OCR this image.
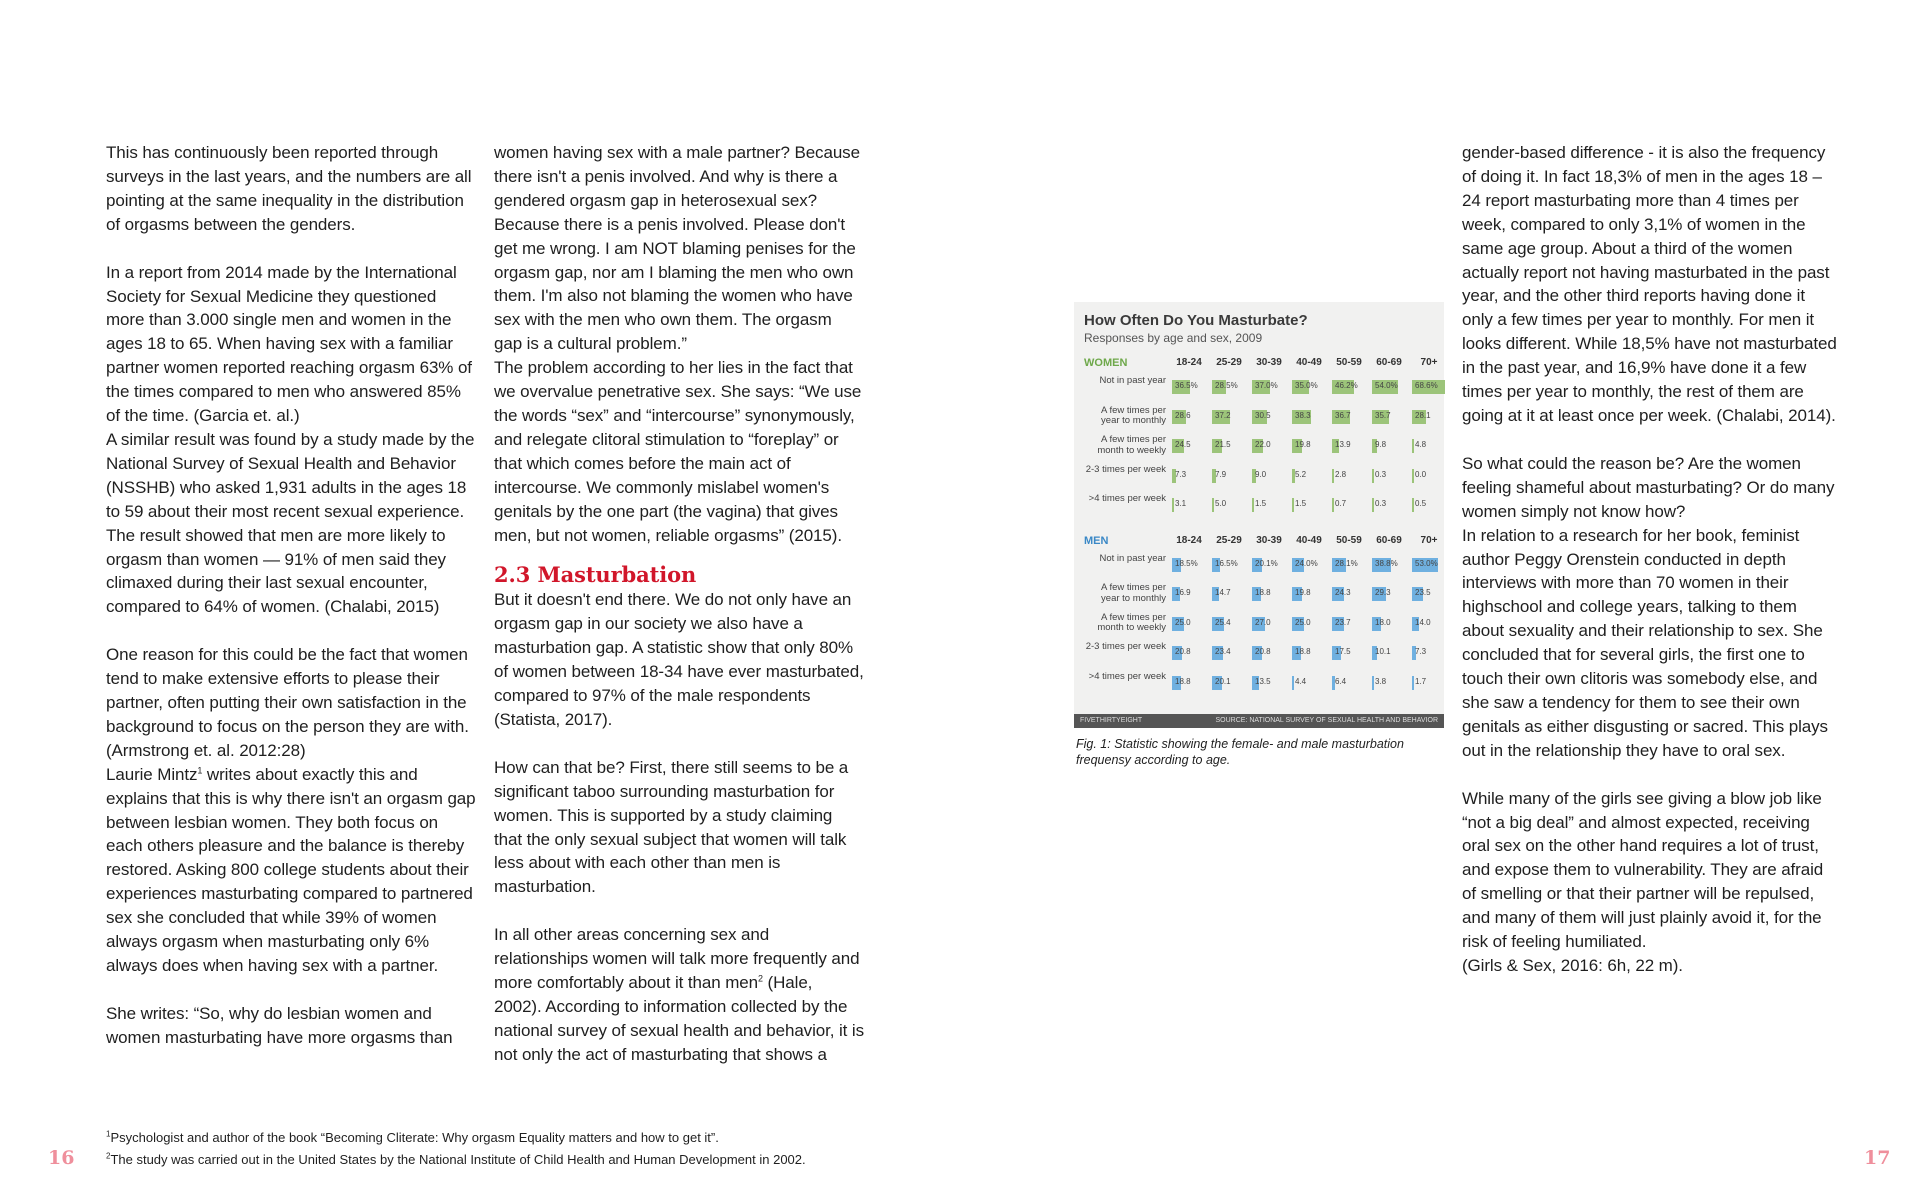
This has continuously been reported through surveys in the last years, and the numbers are all pointing at the same inequality in the distribution of orgasms between the genders.

In a report from 2014 made by the International Society for Sexual Medicine they questioned more than 3.000 single men and women in the ages 18 to 65. When having sex with a familiar partner women reported reaching orgasm 63% of the times compared to men who answered 85% of the time. (Garcia et. al.)

A similar result was found by a study made by the National Survey of Sexual Health and Behavior (NSSHB) who asked 1,931 adults in the ages 18 to 59 about their most recent sexual experience. The result showed that men are more likely to orgasm than women — 91% of men said they climaxed during their last sexual encounter, compared to 64% of women. (Chalabi, 2015)

One reason for this could be the fact that women tend to make extensive efforts to please their partner, often putting their own satisfaction in the background to focus on the person they are with. (Armstrong et. al. 2012:28)

Laurie Mintz$^1$ writes about exactly this and explains that this is why there isn't an orgasm gap between lesbian women. They both focus on each others pleasure and the balance is thereby restored. Asking 800 college students about their experiences masturbating compared to partnered sex she concluded that while 39% of women always orgasm when masturbating only 6% always does when having sex with a partner.

She writes: “So, why do lesbian women and women masturbating have more orgasms than

women having sex with a male partner? Because there isn't a penis involved. And why is there a gendered orgasm gap in heterosexual sex? Because there is a penis involved. Please don't get me wrong. I am NOT blaming penises for the orgasm gap, nor am I blaming the men who own them. I'm also not blaming the women who have sex with the men who own them. The orgasm gap is a cultural problem.”

The problem according to her lies in the fact that we overvalue penetrative sex. She says: “We use the words “sex” and “intercourse” synonymously, and relegate clitoral stimulation to “foreplay” or that which comes before the main act of intercourse. We commonly mislabel women's genitals by the one part (the vagina) that gives men, but not women, reliable orgasms” (2015).

2.3 Masturbation

But it doesn't end there. We do not only have an orgasm gap in our society we also have a masturbation gap. A statistic show that only 80% of women between 18-34 have ever masturbated, compared to 97% of the male respondents (Statista, 2017).

How can that be? First, there still seems to be a significant taboo surrounding masturbation for women. This is supported by a study claiming that the only sexual subject that women will talk less about with each other than men is masturbation.

In all other areas concerning sex and relationships women will talk more frequently and more comfortably about it than men$^2$ (Hale, 2002). According to information collected by the national survey of sexual health and behavior, it is not only the act of masturbating that shows a

$^1$Psychologist and author of the book “Becoming Cliterate: Why orgasm Equality matters and how to get it”.
$^2$The study was carried out in the United States by the National Institute of Child Health and Human Development in 2002.
16
How Often Do You Masturbate?
Responses by age and sex, 2009
WOMEN	18-24	25-29	30-39	40-49	50-59	60-69	70+
Not in past year 36.5% 28.5% 37.0% 35.0% 46.2% 54.0% 68.6%
A few times per year to monthly 28.6	37.2	30.5	38.3	36.7	35.7	28.1
A few times per month to weekly 24.5	21.5	22.0	19.8	13.9	9.8	4.8
2-3 times per week 7.3	7.9	9.0	5.2	2.8	0.3	0.0
>4 times per week 3.1	5.0	1.5	1.5	0.7	0.3	0.5
MEN	18-24	25-29	30-39	40-49	50-59	60-69	70+
Not in past year 18.5% 16.5% 20.1% 24.0% 28.1% 38.8% 53.0%
A few times per year to monthly 16.9	14.7	18.8	19.8	24.3	29.3	23.5
A few times per month to weekly 25.0	25.4	27.0	25.0	23.7	18.0	14.0
2-3 times per week 20.8	23.4	20.8	18.8	17.5	10.1	7.3
>4 times per week 18.8	20.1	13.5	4.4	6.4	3.8	1.7
FIVETHIRTYEIGHT	SOURCE: NATIONAL SURVEY OF SEXUAL HEALTH AND BEHAVIOR
Fig. 1: Statistic showing the female- and male masturbation frequensy according to age.

gender-based difference - it is also the frequency of doing it. In fact 18,3% of men in the ages 18 – 24 report masturbating more than 4 times per week, compared to only 3,1% of women in the same age group. About a third of the women actually report not having masturbated in the past year, and the other third reports having done it only a few times per year to monthly. For men it looks different. While 18,5% have not masturbated in the past year, and 16,9% have done it a few times per year to monthly, the rest of them are going at it at least once per week. (Chalabi, 2014).

So what could the reason be? Are the women feeling shameful about masturbating? Or do many women simply not know how?

In relation to a research for her book, feminist author Peggy Orenstein conducted in depth interviews with more than 70 women in their highschool and college years, talking to them about sexuality and their relationship to sex. She concluded that for several girls, the first one to touch their own clitoris was somebody else, and she saw a tendency for them to see their own genitals as either disgusting or sacred. This plays out in the relationship they have to oral sex.

While many of the girls see giving a blow job like “not a big deal” and almost expected, receiving oral sex on the other hand requires a lot of trust, and expose them to vulnerability. They are afraid of smelling or that their partner will be repulsed, and many of them will just plainly avoid it, for the risk of feeling humiliated.

(Girls & Sex, 2016: 6h, 22 m).

17
